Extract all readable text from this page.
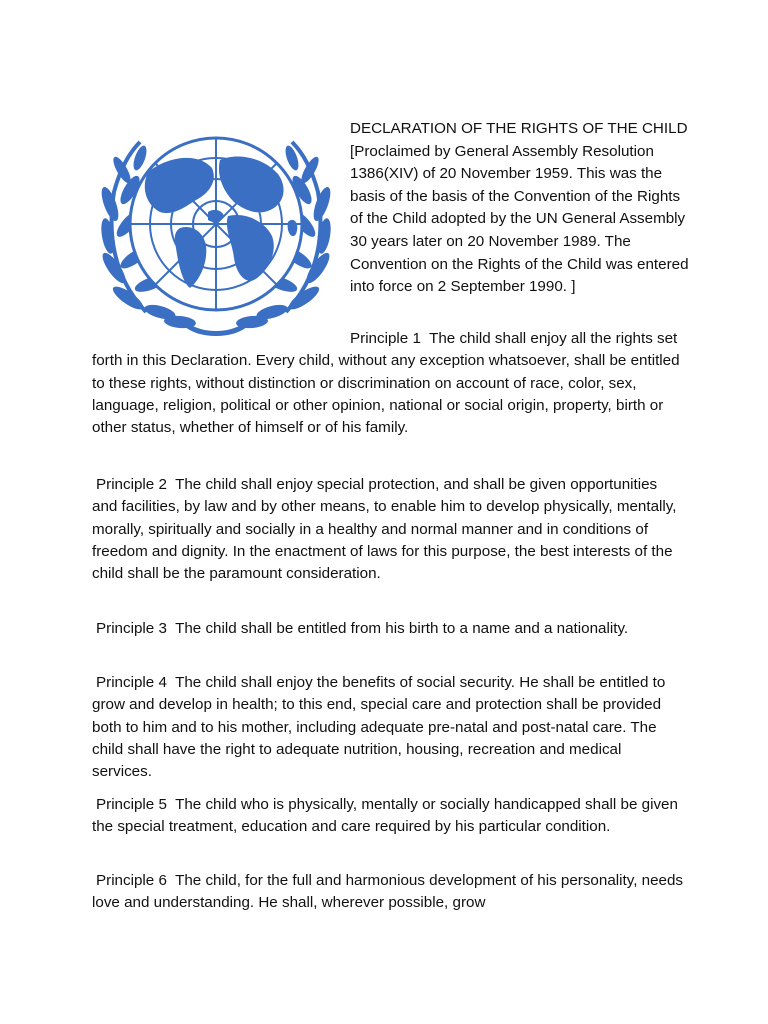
DECLARATION OF THE RIGHTS OF THE CHILD [Proclaimed by General Assembly Resolution 1386(XIV) of 20 November 1959. This was the basis of the basis of the Convention of the Rights of the Child adopted by the UN General Assembly 30 years later on 20 November 1989. The Convention on the Rights of the Child was entered into force on 2 September 1990. ]

Principle 1  The child shall enjoy all the rights set forth in this Declaration. Every child, without any exception whatsoever, shall be entitled to these rights, without distinction or discrimination on account of race, color, sex, language, religion, political or other opinion, national or social origin, property, birth or other status, whether of himself or of his family.

Principle 2  The child shall enjoy special protection, and shall be given opportunities and facilities, by law and by other means, to enable him to develop physically, mentally, morally, spiritually and socially in a healthy and normal manner and in conditions of freedom and dignity. In the enactment of laws for this purpose, the best interests of the child shall be the paramount consideration.

Principle 3  The child shall be entitled from his birth to a name and a nationality.

Principle 4  The child shall enjoy the benefits of social security. He shall be entitled to grow and develop in health; to this end, special care and protection shall be provided both to him and to his mother, including adequate pre-natal and post-natal care. The child shall have the right to adequate nutrition, housing, recreation and medical services.

Principle 5  The child who is physically, mentally or socially handicapped shall be given the special treatment, education and care required by his particular condition.

Principle 6  The child, for the full and harmonious development of his personality, needs love and understanding. He shall, wherever possible, grow
